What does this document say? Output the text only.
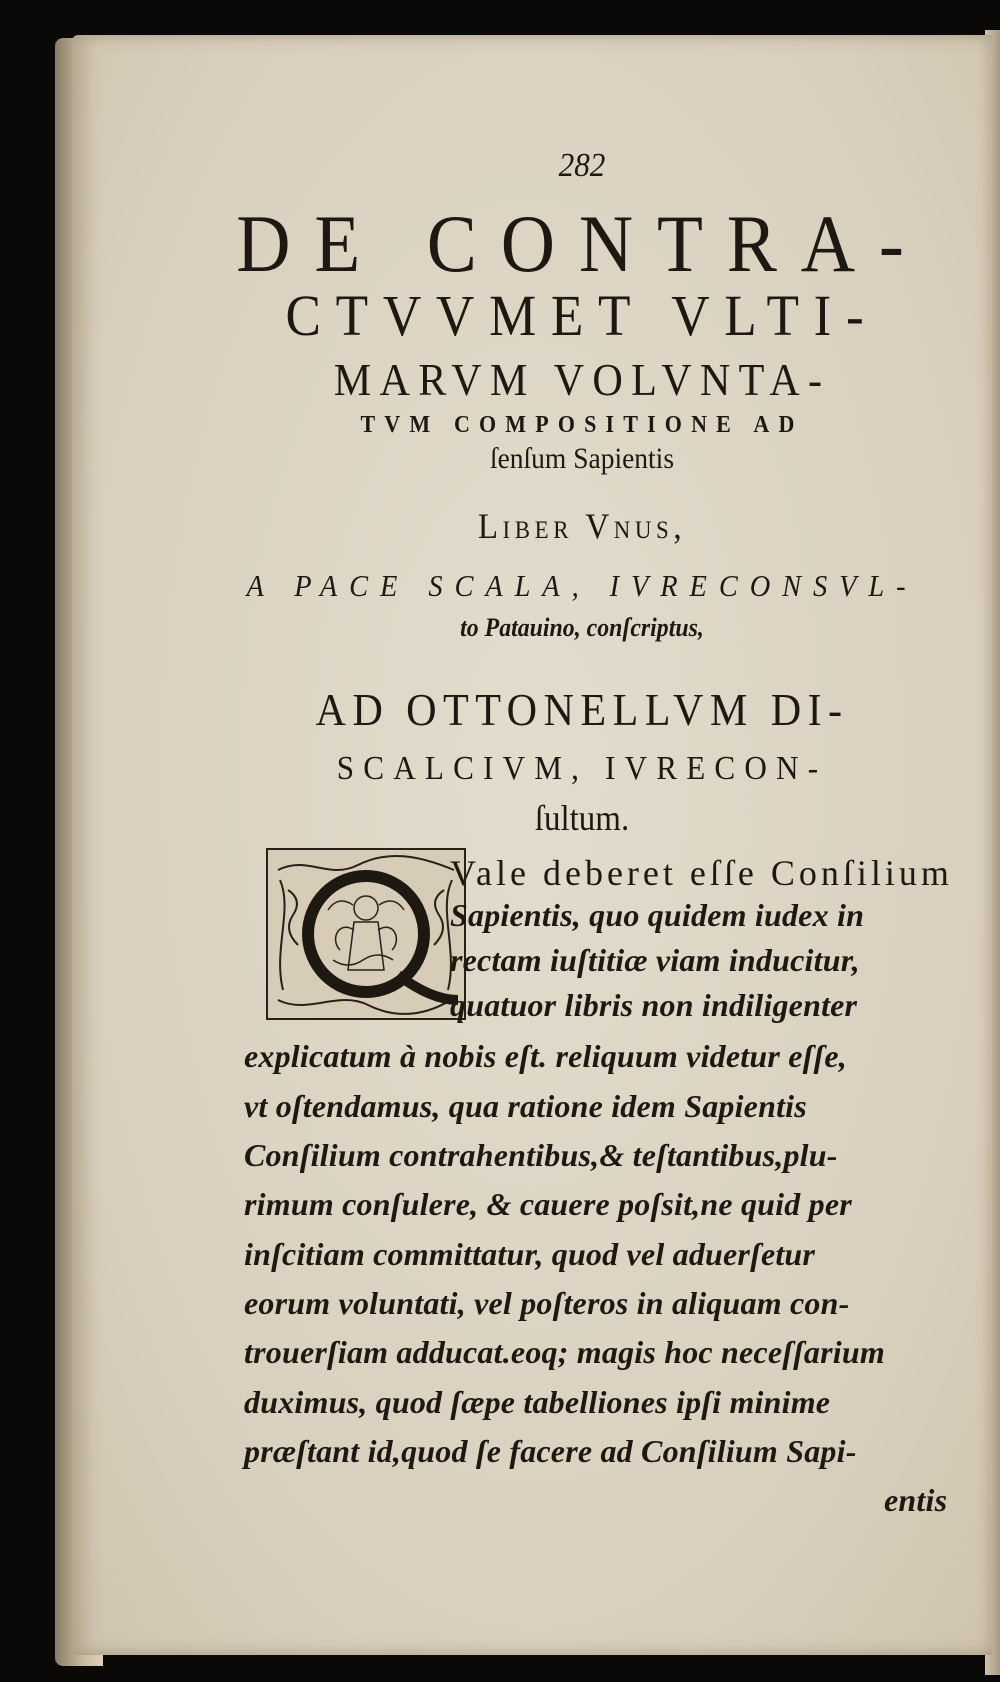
282
DE CONTRA-
CTVVMET VLTI-
MARVM VOLVNTA-
TVM COMPOSITIONE AD
ſenſum Sapientis
Liber Vnus,
A PACE SCALA, IVRECONSVL-
to Patauino, conſcriptus,
AD OTTONELLVM DI-
SCALCIVM, IVRECON-
ſultum.
Vale deberet eſſe Conſilium
Sapientis, quo quidem iudex in
rectam iuſtitiæ viam inducitur,
quatuor libris non indiligenter
explicatum à nobis eſt. reliquum videtur eſſe,
vt oſtendamus, qua ratione idem Sapientis
Conſilium contrahentibus,& teſtantibus,plu-
rimum conſulere, & cauere poſsit,ne quid per
inſcitiam committatur, quod vel aduerſetur
eorum voluntati, vel poſteros in aliquam con-
trouerſiam adducat.eoq; magis hoc neceſſarium
duximus, quod ſæpe tabelliones ipſi minime
præſtant id,quod ſe facere ad Conſilium Sapi-
entis
